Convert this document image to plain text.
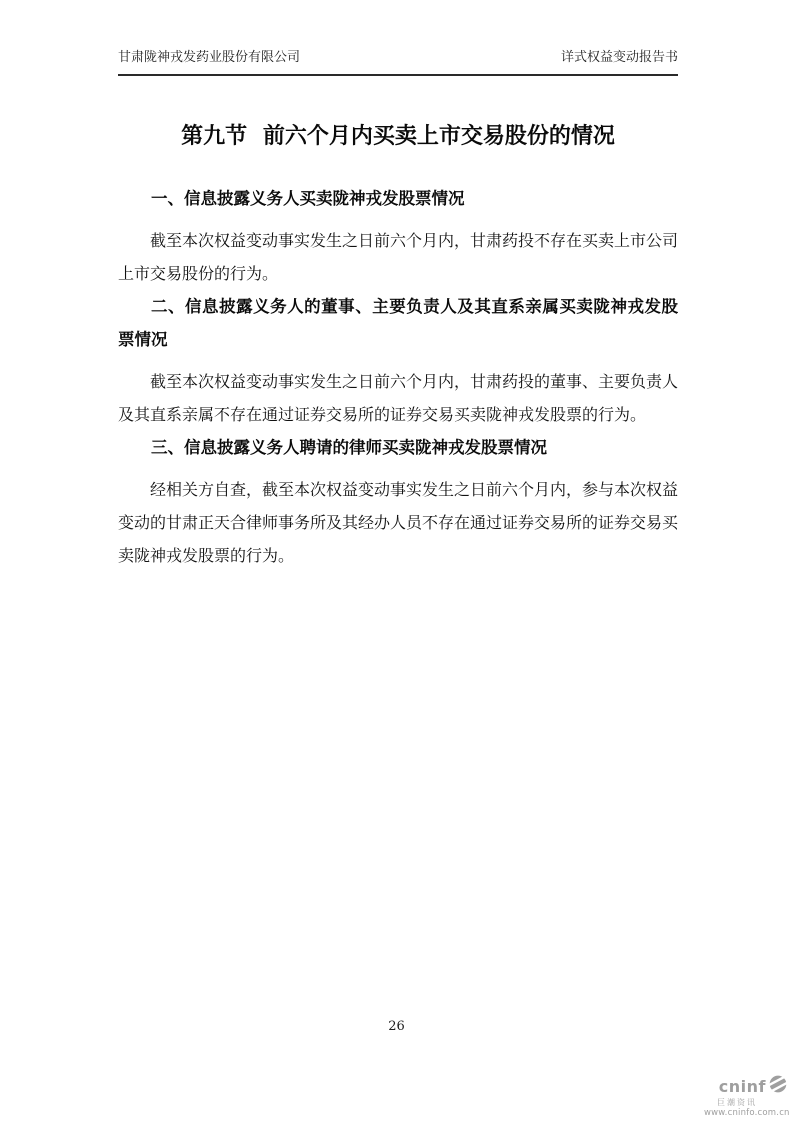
甘肃陇神戎发药业股份有限公司	详式权益变动报告书
第九节 前六个月内买卖上市交易股份的情况
一、信息披露义务人买卖陇神戎发股票情况

截至本次权益变动事实发生之日前六个月内，甘肃药投不存在买卖上市公司上市交易股份的行为。

二、信息披露义务人的董事、主要负责人及其直系亲属买卖陇神戎发股票情况

截至本次权益变动事实发生之日前六个月内，甘肃药投的董事、主要负责人及其直系亲属不存在通过证券交易所的证券交易买卖陇神戎发股票的行为。

三、信息披露义务人聘请的律师买卖陇神戎发股票情况

经相关方自查，截至本次权益变动事实发生之日前六个月内，参与本次权益变动的甘肃正天合律师事务所及其经办人员不存在通过证券交易所的证券交易买卖陇神戎发股票的行为。

26
cninf
巨潮资讯
www.cninfo.com.cn
